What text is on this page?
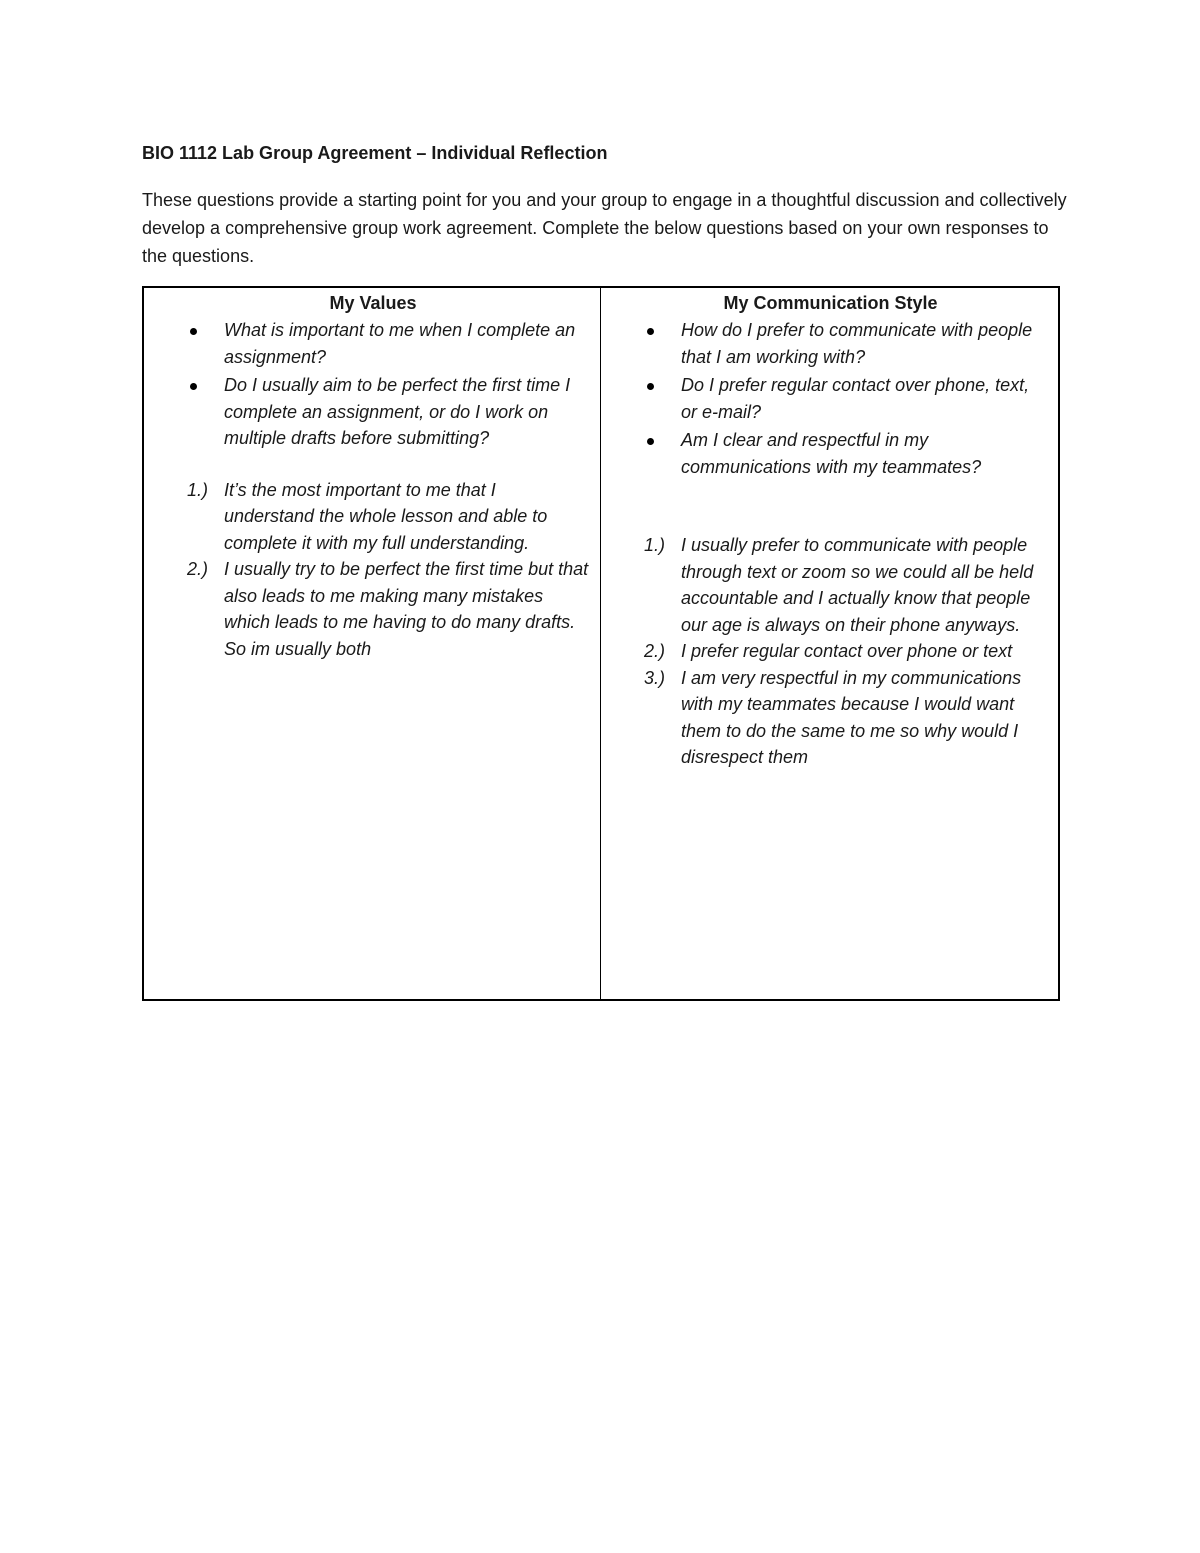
BIO 1112 Lab Group Agreement – Individual Reflection

These questions provide a starting point for you and your group to engage in a thoughtful discussion and collectively develop a comprehensive group work agreement. Complete the below questions based on your own responses to the questions.

My Values
What is important to me when I complete an assignment?
Do I usually aim to be perfect the first time I complete an assignment, or do I work on multiple drafts before submitting?
1.) It’s the most important to me that I understand the whole lesson and able to complete it with my full understanding.
2.) I usually try to be perfect the first time but that also leads to me making many mistakes which leads to me having to do many drafts. So im usually both
My Communication Style
How do I prefer to communicate with people that I am working with?
Do I prefer regular contact over phone, text, or e-mail?
Am I clear and respectful in my communications with my teammates?
1.) I usually prefer to communicate with people through text or zoom so we could all be held accountable and I actually know that people our age is always on their phone anyways.
2.) I prefer regular contact over phone or text
3.) I am very respectful in my communications with my teammates because I would want them to do the same to me so why would I disrespect them
